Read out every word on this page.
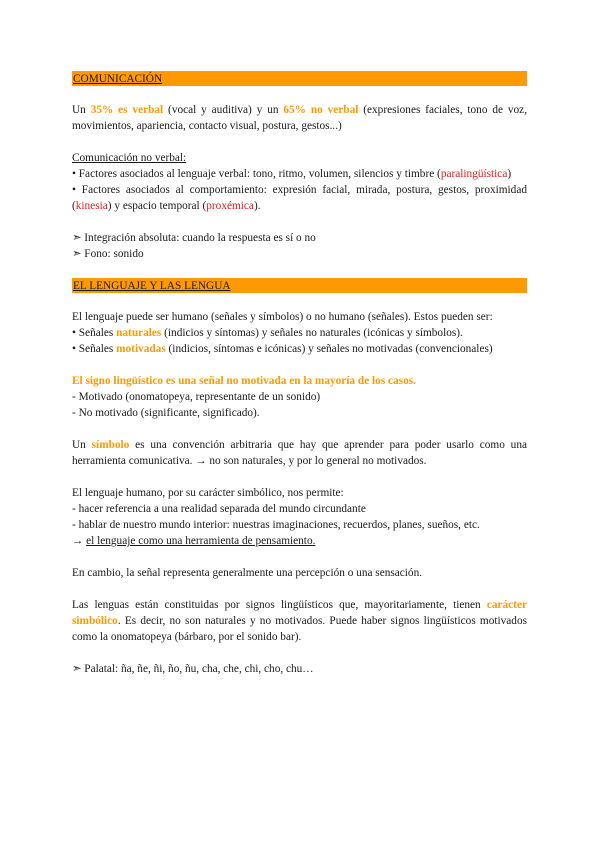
COMUNICACIÓN

Un 35% es verbal (vocal y auditiva) y un 65% no verbal (expresiones faciales, tono de voz, movimientos, apariencia, contacto visual, postura, gestos...)

Comunicación no verbal:
• Factores asociados al lenguaje verbal: tono, ritmo, volumen, silencios y timbre (paralingüística)
• Factores asociados al comportamiento: expresión facial, mirada, postura, gestos, proximidad (kinesia) y espacio temporal (proxémica).

➣ Integración absoluta: cuando la respuesta es sí o no
➣ Fono: sonido

EL LENGUAJE Y LAS LENGUA

El lenguaje puede ser humano (señales y símbolos) o no humano (señales). Estos pueden ser:
• Señales naturales (indicios y síntomas) y señales no naturales (icónicas y símbolos).
• Señales motivadas (indicios, síntomas e icónicas) y señales no motivadas (convencionales)

El signo lingüístico es una señal no motivada en la mayoría de los casos.
- Motivado (onomatopeya, representante de un sonido)
- No motivado (significante, significado).

Un símbolo es una convención arbitraria que hay que aprender para poder usarlo como una herramienta comunicativa. → no son naturales, y por lo general no motivados.

El lenguaje humano, por su carácter simbólico, nos permite:
- hacer referencia a una realidad separada del mundo circundante
- hablar de nuestro mundo interior: nuestras imaginaciones, recuerdos, planes, sueños, etc.
→ el lenguaje como una herramienta de pensamiento.

En cambio, la señal representa generalmente una percepción o una sensación.

Las lenguas están constituidas por signos lingüísticos que, mayoritariamente, tienen carácter simbólico. Es decir, no son naturales y no motivados. Puede haber signos lingüísticos motivados como la onomatopeya (bárbaro, por el sonido bar).

➣ Palatal: ña, ñe, ñi, ño, ñu, cha, che, chi, cho, chu…
